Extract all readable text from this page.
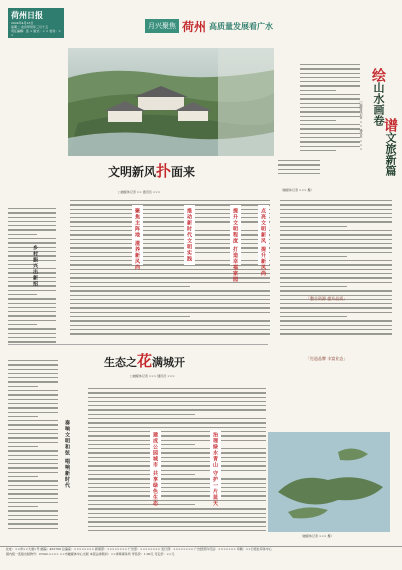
荷州日报
2024年4月23日
星期二 农历甲辰年三月十五
责任编辑：张 × 版式：× × 校对：× ×
月兴聚焦 荷州 高质量发展看广水
文明新风扑面来
□融媒体记者 ×× 通讯员 ×××	（融媒体记者 ××× 摄）
乡村振兴出新招	聚焦主阵地 滋养新风尚	推动新时代文明实践	提升文明程度 打造幸福家园	点亮文明新风 提升新风尚
绘山水画卷
谱文旅新篇
□融媒体记者 ×× 通讯员 ×××
「整合资源 提升品质」
「打造品牌 丰富业态」
奏响文明和弦 唱响新时代
生态之花满城开
□融媒体记者 ××× 通讯员 ×××
建成公园城市 共享绿色生态	治理绿水青山 守护一片蓝天
（融媒体记者 ××× 摄）
社址：××市××大道×号 邮编：432700 总编室：×××××××× 新闻部：×××××××× 广告部：×××××××× 发行部：×××××××× 广告经营许可证：××××××× 印刷：××日报社印务中心
国内统一连续出版物号：CN42-×××× ××市融媒体中心出版 本报法律顾问：××律师事务所 零售价：1.00元 月定价：××元
